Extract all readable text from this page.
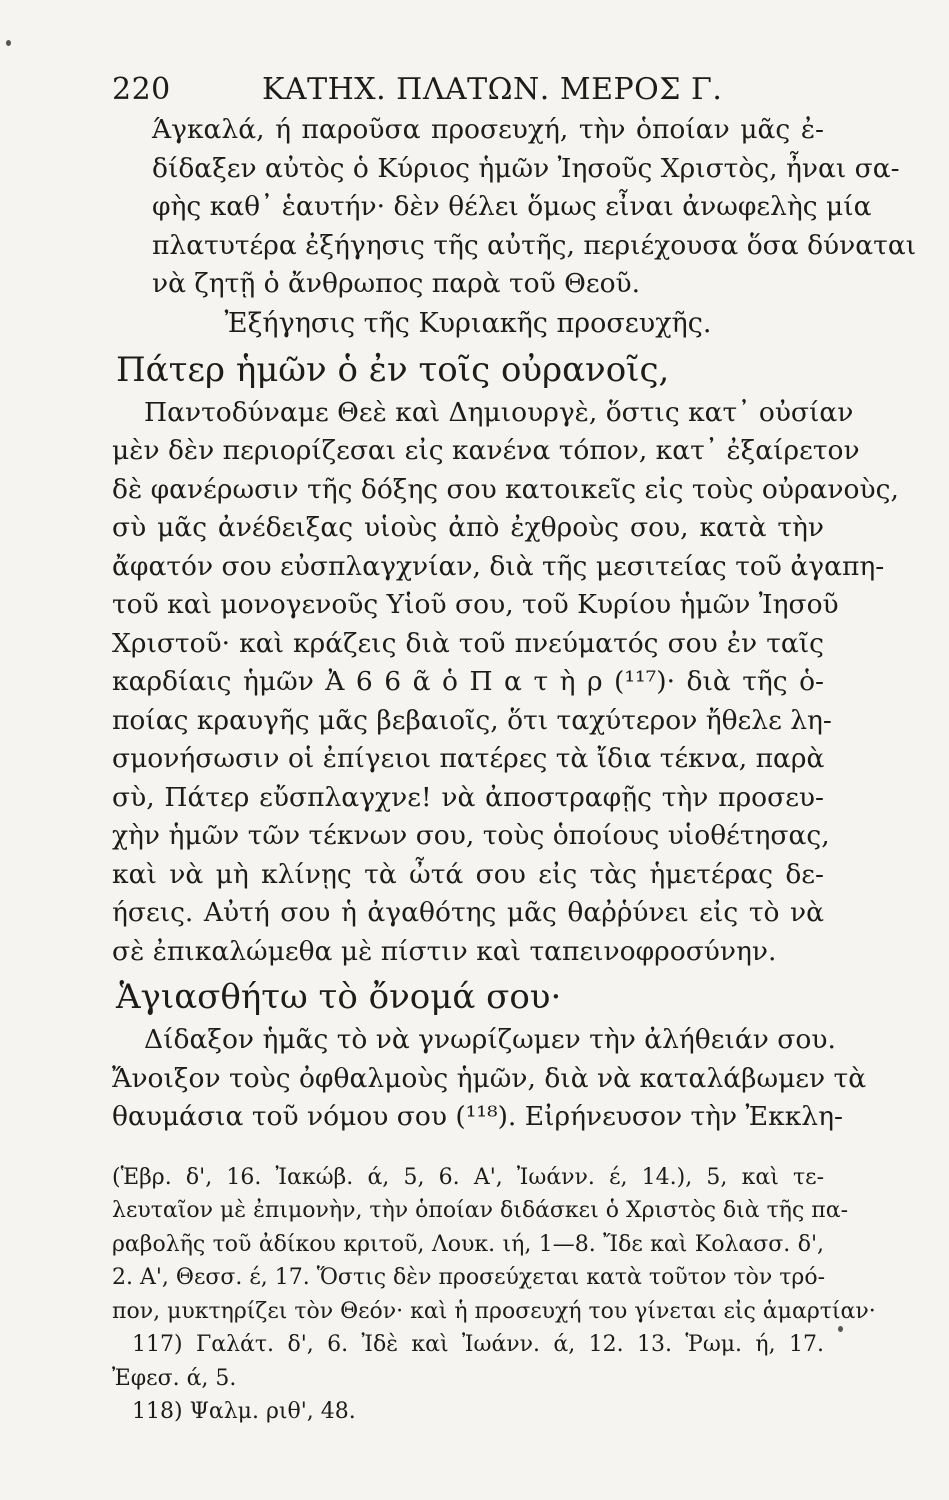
220	ΚΑΤΗΧ. ΠΛΑΤΩΝ. ΜΕΡΟΣ Γ.
Άγκαλά, ή παροῦσα προσευχή, τὴν ὁποίαν μᾶς ἐ-
δίδαξεν αὐτὸς ὁ Κύριος ἡμῶν Ἰησοῦς Χριστὸς, ἦναι σα-
φὴς καθ᾿ ἑαυτήν· δὲν θέλει ὅμως εἶναι ἀνωφελὴς μία
πλατυτέρα ἐξήγησις τῆς αὐτῆς, περιέχουσα ὅσα δύναται
νὰ ζητῇ ὁ ἄνθρωπος παρὰ τοῦ Θεοῦ.

Ἐξήγησις τῆς Κυριακῆς προσευχῆς.

Πάτερ ἡμῶν ὁ ἐν τοῖς οὐρανοῖς,

Παντοδύναμε Θεὲ καὶ Δημιουργὲ, ὅστις κατ᾿ οὐσίαν
μὲν δὲν περιορίζεσαι εἰς κανένα τόπον, κατ᾿ ἐξαίρετον
δὲ φανέρωσιν τῆς δόξης σου κατοικεῖς εἰς τοὺς οὐρανοὺς,
σὺ μᾶς ἀνέδειξας υἱοὺς ἀπὸ ἐχθροὺς σου, κατὰ τὴν
ἄφατόν σου εὐσπλαγχνίαν, διὰ τῆς μεσιτείας τοῦ ἀγαπη-
τοῦ καὶ μονογενοῦς Υἱοῦ σου, τοῦ Κυρίου ἡμῶν Ἰησοῦ
Χριστοῦ· καὶ κράζεις διὰ τοῦ πνεύματός σου ἐν ταῖς
καρδίαις ἡμῶν Ἀ 6 6 ᾶ ὁ Π α τ ὴ ρ (¹¹⁷)· διὰ τῆς ὁ-
ποίας κραυγῆς μᾶς βεβαιοῖς, ὅτι ταχύτερον ἤθελε λη-
σμονήσωσιν οἱ ἐπίγειοι πατέρες τὰ ἴδια τέκνα, παρὰ
σὺ, Πάτερ εὔσπλαγχνε! νὰ ἀποστραφῇς τὴν προσευ-
χὴν ἡμῶν τῶν τέκνων σου, τοὺς ὁποίους υἱοθέτησας,
καὶ νὰ μὴ κλίνῃς τὰ ὦτά σου εἰς τὰς ἡμετέρας δε-
ήσεις. Αὐτή σου ἡ ἀγαθότης μᾶς θαῤῥύνει εἰς τὸ νὰ
σὲ ἐπικαλώμεθα μὲ πίστιν καὶ ταπεινοφροσύνην.

Ἁγιασθήτω τὸ ὄνομά σου·

Δίδαξον ἡμᾶς τὸ νὰ γνωρίζωμεν τὴν ἀλήθειάν σου.
Ἄνοιξον τοὺς ὀφθαλμοὺς ἡμῶν, διὰ νὰ καταλάβωμεν τὰ
θαυμάσια τοῦ νόμου σου (¹¹⁸). Εἰρήνευσον τὴν Ἐκκλη-
(Ἑβρ. δ', 16. Ἰακώβ. ά, 5, 6. Α', Ἰωάνν. έ, 14.), 5, καὶ τε-
λευταῖον μὲ ἐπιμονὴν, τὴν ὁποίαν διδάσκει ὁ Χριστὸς διὰ τῆς πα-
ραβολῆς τοῦ ἀδίκου κριτοῦ, Λουκ. ιή, 1—8. Ἴδε καὶ Κολασσ. δ',
2. Α', Θεσσ. έ, 17. Ὅστις δὲν προσεύχεται κατὰ τοῦτον τὸν τρό-
πον, μυκτηρίζει τὸν Θεόν· καὶ ἡ προσευχή του γίνεται εἰς ἁμαρτίαν·
117) Γαλάτ. δ', 6. Ἰδὲ καὶ Ἰωάνν. ά, 12. 13. Ῥωμ. ή, 17.
Ἐφεσ. ά, 5.
118) Ψαλμ. ριθ', 48.
